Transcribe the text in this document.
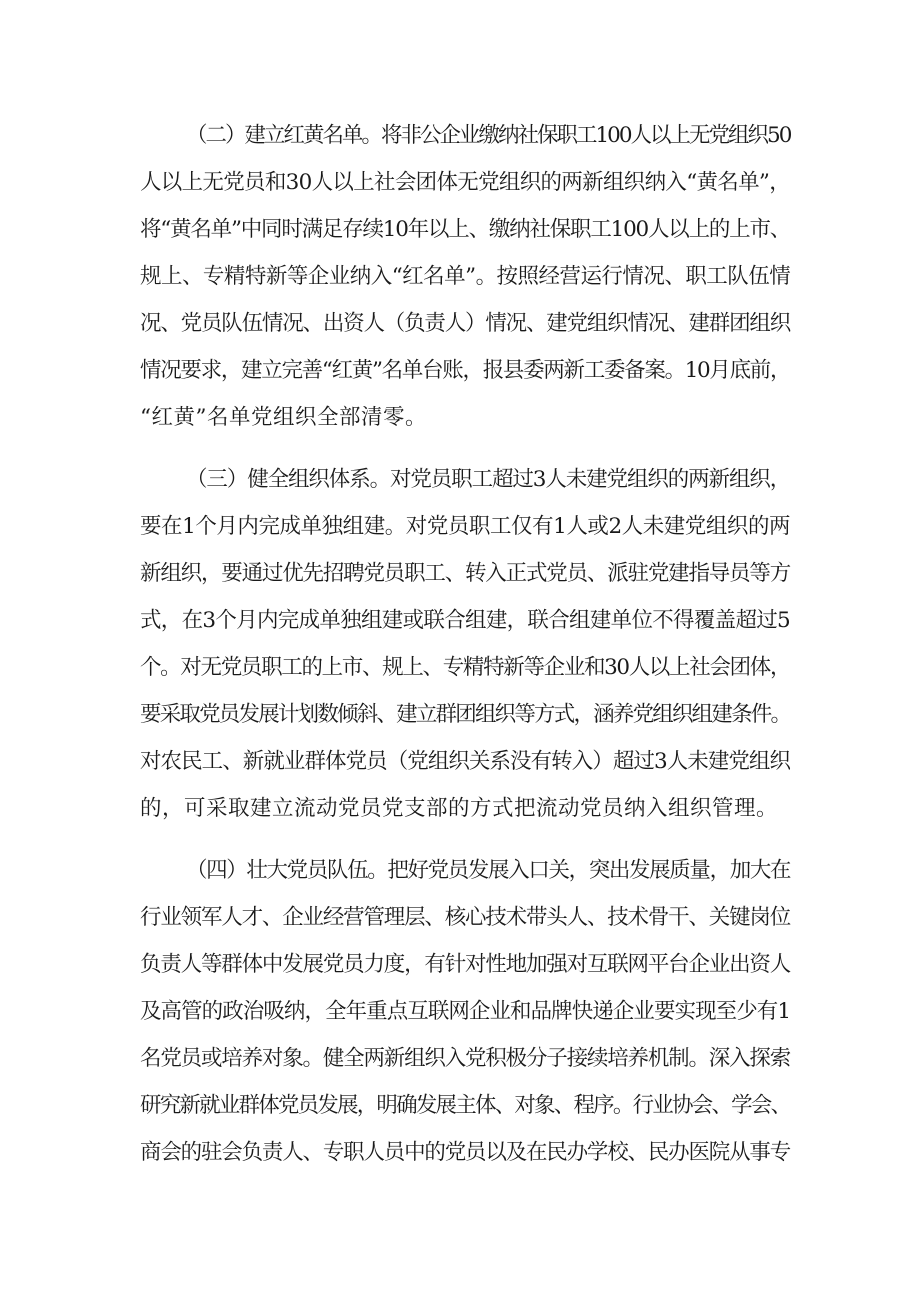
（二）建立红黄名单。将非公企业缴纳社保职工100人以上无党组织50
人以上无党员和30人以上社会团体无党组织的两新组织纳入“黄名单”，
将“黄名单”中同时满足存续10年以上、缴纳社保职工100人以上的上市、
规上、专精特新等企业纳入“红名单”。按照经营运行情况、职工队伍情
况、党员队伍情况、出资人（负责人）情况、建党组织情况、建群团组织
情况要求，建立完善“红黄”名单台账，报县委两新工委备案。10月底前，
“红黄”名单党组织全部清零。
（三）健全组织体系。对党员职工超过3人未建党组织的两新组织，
要在1个月内完成单独组建。对党员职工仅有1人或2人未建党组织的两
新组织，要通过优先招聘党员职工、转入正式党员、派驻党建指导员等方
式，在3个月内完成单独组建或联合组建，联合组建单位不得覆盖超过5
个。对无党员职工的上市、规上、专精特新等企业和30人以上社会团体，
要采取党员发展计划数倾斜、建立群团组织等方式，涵养党组织组建条件。
对农民工、新就业群体党员（党组织关系没有转入）超过3人未建党组织
的，可采取建立流动党员党支部的方式把流动党员纳入组织管理。
（四）壮大党员队伍。把好党员发展入口关，突出发展质量，加大在
行业领军人才、企业经营管理层、核心技术带头人、技术骨干、关键岗位
负责人等群体中发展党员力度，有针对性地加强对互联网平台企业出资人
及高管的政治吸纳，全年重点互联网企业和品牌快递企业要实现至少有1
名党员或培养对象。健全两新组织入党积极分子接续培养机制。深入探索
研究新就业群体党员发展，明确发展主体、对象、程序。行业协会、学会、
商会的驻会负责人、专职人员中的党员以及在民办学校、民办医院从事专
